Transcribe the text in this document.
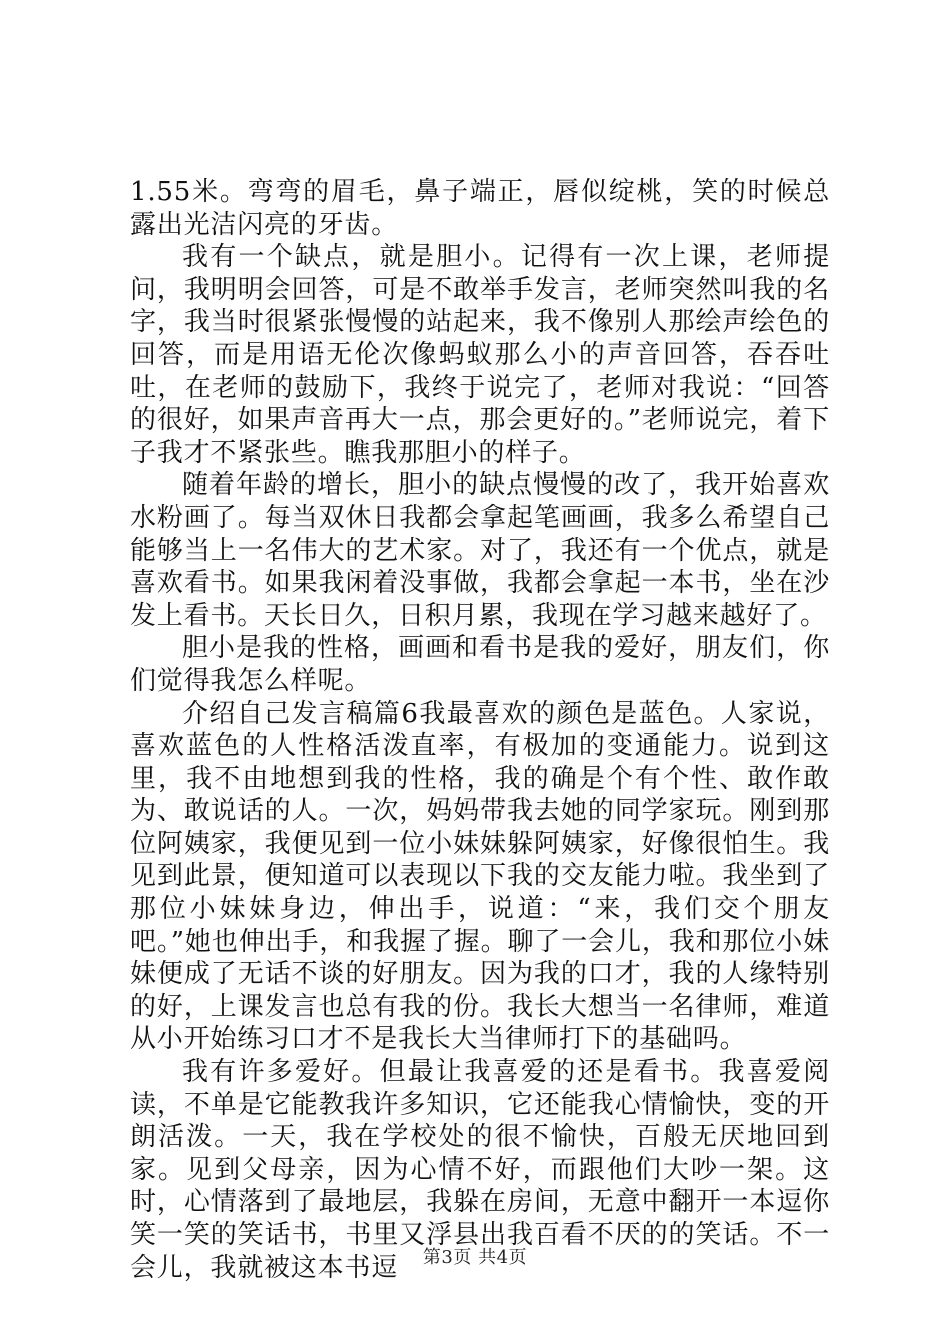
1.55米。弯弯的眉毛，鼻子端正，唇似绽桃，笑的时候总露出光洁闪亮的牙齿。

我有一个缺点，就是胆小。记得有一次上课，老师提问，我明明会回答，可是不敢举手发言，老师突然叫我的名字，我当时很紧张慢慢的站起来，我不像别人那绘声绘色的回答，而是用语无伦次像蚂蚁那么小的声音回答，吞吞吐吐，在老师的鼓励下，我终于说完了，老师对我说：“回答的很好，如果声音再大一点，那会更好的。”老师说完，着下子我才不紧张些。瞧我那胆小的样子。

随着年龄的增长，胆小的缺点慢慢的改了，我开始喜欢水粉画了。每当双休日我都会拿起笔画画，我多么希望自己能够当上一名伟大的艺术家。对了，我还有一个优点，就是喜欢看书。如果我闲着没事做，我都会拿起一本书，坐在沙发上看书。天长日久，日积月累，我现在学习越来越好了。

胆小是我的性格，画画和看书是我的爱好，朋友们，你们觉得我怎么样呢。

介绍自己发言稿篇6我最喜欢的颜色是蓝色。人家说，喜欢蓝色的人性格活泼直率，有极加的变通能力。说到这里，我不由地想到我的性格，我的确是个有个性、敢作敢为、敢说话的人。一次，妈妈带我去她的同学家玩。刚到那位阿姨家，我便见到一位小妹妹躲阿姨家，好像很怕生。我见到此景，便知道可以表现以下我的交友能力啦。我坐到了那位小妹妹身边，伸出手，说道：“来，我们交个朋友吧。”她也伸出手，和我握了握。聊了一会儿，我和那位小妹妹便成了无话不谈的好朋友。因为我的口才，我的人缘特别的好，上课发言也总有我的份。我长大想当一名律师，难道从小开始练习口才不是我长大当律师打下的基础吗。

我有许多爱好。但最让我喜爱的还是看书。我喜爱阅读，不单是它能教我许多知识，它还能我心情愉快，变的开朗活泼。一天，我在学校处的很不愉快，百般无厌地回到家。见到父母亲，因为心情不好，而跟他们大吵一架。这时，心情落到了最地层，我躲在房间，无意中翻开一本逗你笑一笑的笑话书，书里又浮县出我百看不厌的的笑话。不一会儿，我就被这本书逗	第3页 共4页
